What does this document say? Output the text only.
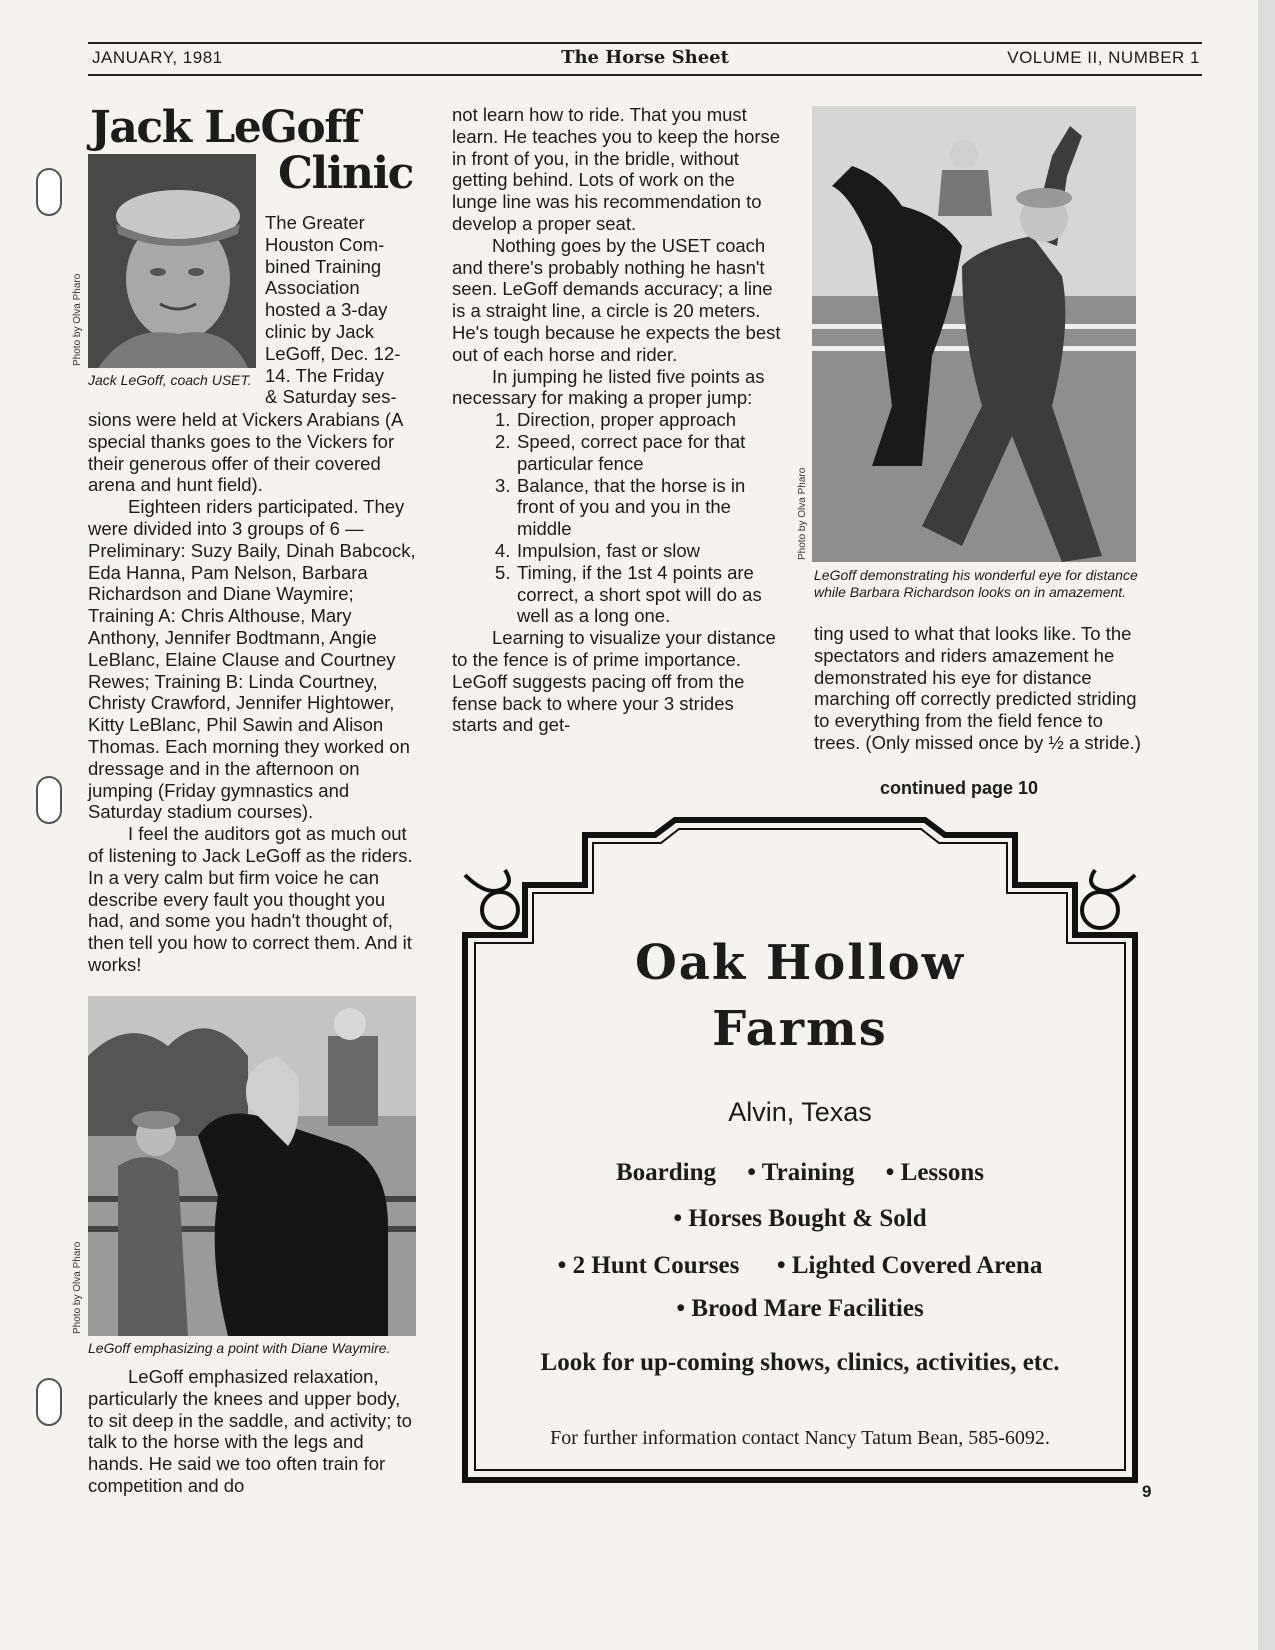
JANUARY, 1981	The Horse Sheet	VOLUME II, NUMBER 1
Jack LeGoff
Clinic
Photo by Olva Pharo
Jack LeGoff, coach USET.

The Greater

Houston Com-

bined Training

Association

hosted a 3-day

clinic by Jack

LeGoff, Dec. 12-

14. The Friday

& Saturday ses-

sions were held at Vickers Arabians (A special thanks goes to the Vickers for their generous offer of their covered arena and hunt field).

Eighteen riders participated. They were divided into 3 groups of 6 — Preliminary: Suzy Baily, Dinah Babcock, Eda Hanna, Pam Nelson, Barbara Richardson and Diane Waymire; Training A: Chris Althouse, Mary Anthony, Jennifer Bodtmann, Angie LeBlanc, Elaine Clause and Courtney Rewes; Training B: Linda Courtney, Christy Crawford, Jennifer Hightower, Kitty LeBlanc, Phil Sawin and Alison Thomas. Each morning they worked on dressage and in the afternoon on jumping (Friday gymnastics and Saturday stadium courses).

I feel the auditors got as much out of listening to Jack LeGoff as the riders. In a very calm but firm voice he can describe every fault you thought you had, and some you hadn't thought of, then tell you how to correct them. And it works!

Photo by Olva Pharo
LeGoff emphasizing a point with Diane Waymire.

LeGoff emphasized relaxation, particularly the knees and upper body, to sit deep in the saddle, and activity; to talk to the horse with the legs and hands. He said we too often train for competition and do

not learn how to ride. That you must learn. He teaches you to keep the horse in front of you, in the bridle, without getting behind. Lots of work on the lunge line was his recommendation to develop a proper seat.

Nothing goes by the USET coach and there's probably nothing he hasn't seen. LeGoff demands accuracy; a line is a straight line, a circle is 20 meters. He's tough because he expects the best out of each horse and rider.

In jumping he listed five points as necessary for making a proper jump:

1. Direction, proper approach
2. Speed, correct pace for that particular fence
3. Balance, that the horse is in front of you and you in the middle
4. Impulsion, fast or slow
5. Timing, if the 1st 4 points are correct, a short spot will do as well as a long one.

Learning to visualize your distance to the fence is of prime importance. LeGoff suggests pacing off from the fense back to where your 3 strides starts and get-

Photo by Olva Pharo
LeGoff demonstrating his wonderful eye for distance while Barbara Richardson looks on in amazement.

ting used to what that looks like. To the spectators and riders amazement he demonstrated his eye for distance marching off correctly predicted striding to everything from the field fence to trees. (Only missed once by ½ a stride.)

continued page 10
Oak Hollow
Farms
Alvin, Texas
Boarding • Training • Lessons
• Horses Bought & Sold
• 2 Hunt Courses • Lighted Covered Arena
• Brood Mare Facilities
Look for up-coming shows, clinics, activities, etc.
For further information contact Nancy Tatum Bean, 585-6092.
9
